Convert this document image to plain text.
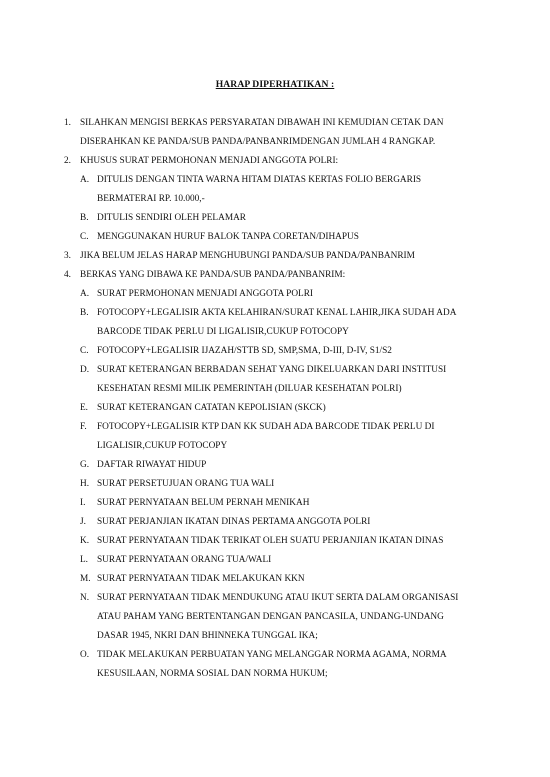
HARAP DIPERHATIKAN :
1. SILAHKAN MENGISI BERKAS PERSYARATAN DIBAWAH INI KEMUDIAN CETAK DAN
DISERAHKAN KE PANDA/SUB PANDA/PANBANRIMDENGAN JUMLAH 4 RANGKAP.
2. KHUSUS SURAT PERMOHONAN MENJADI ANGGOTA POLRI:
A. DITULIS DENGAN TINTA WARNA HITAM DIATAS KERTAS FOLIO BERGARIS
BERMATERAI RP. 10.000,-
B. DITULIS SENDIRI OLEH PELAMAR
C. MENGGUNAKAN HURUF BALOK TANPA CORETAN/DIHAPUS
3. JIKA BELUM JELAS HARAP MENGHUBUNGI PANDA/SUB PANDA/PANBANRIM
4. BERKAS YANG DIBAWA KE PANDA/SUB PANDA/PANBANRIM:
A. SURAT PERMOHONAN MENJADI ANGGOTA POLRI
B. FOTOCOPY+LEGALISIR AKTA KELAHIRAN/SURAT KENAL LAHIR,JIKA SUDAH ADA
BARCODE TIDAK PERLU DI LIGALISIR,CUKUP FOTOCOPY
C. FOTOCOPY+LEGALISIR IJAZAH/STTB SD, SMP,SMA, D-III, D-IV, S1/S2
D. SURAT KETERANGAN BERBADAN SEHAT YANG DIKELUARKAN DARI INSTITUSI
KESEHATAN RESMI MILIK PEMERINTAH (DILUAR KESEHATAN POLRI)
E. SURAT KETERANGAN CATATAN KEPOLISIAN (SKCK)
F. FOTOCOPY+LEGALISIR KTP DAN KK SUDAH ADA BARCODE TIDAK PERLU DI
LIGALISIR,CUKUP FOTOCOPY
G. DAFTAR RIWAYAT HIDUP
H. SURAT PERSETUJUAN ORANG TUA WALI
I. SURAT PERNYATAAN BELUM PERNAH MENIKAH
J. SURAT PERJANJIAN IKATAN DINAS PERTAMA ANGGOTA POLRI
K. SURAT PERNYATAAN TIDAK TERIKAT OLEH SUATU PERJANJIAN IKATAN DINAS
L. SURAT PERNYATAAN ORANG TUA/WALI
M. SURAT PERNYATAAN TIDAK MELAKUKAN KKN
N. SURAT PERNYATAAN TIDAK MENDUKUNG ATAU IKUT SERTA DALAM ORGANISASI
ATAU PAHAM YANG BERTENTANGAN DENGAN PANCASILA, UNDANG-UNDANG
DASAR 1945, NKRI DAN BHINNEKA TUNGGAL IKA;
O. TIDAK MELAKUKAN PERBUATAN YANG MELANGGAR NORMA AGAMA, NORMA
KESUSILAAN, NORMA SOSIAL DAN NORMA HUKUM;
